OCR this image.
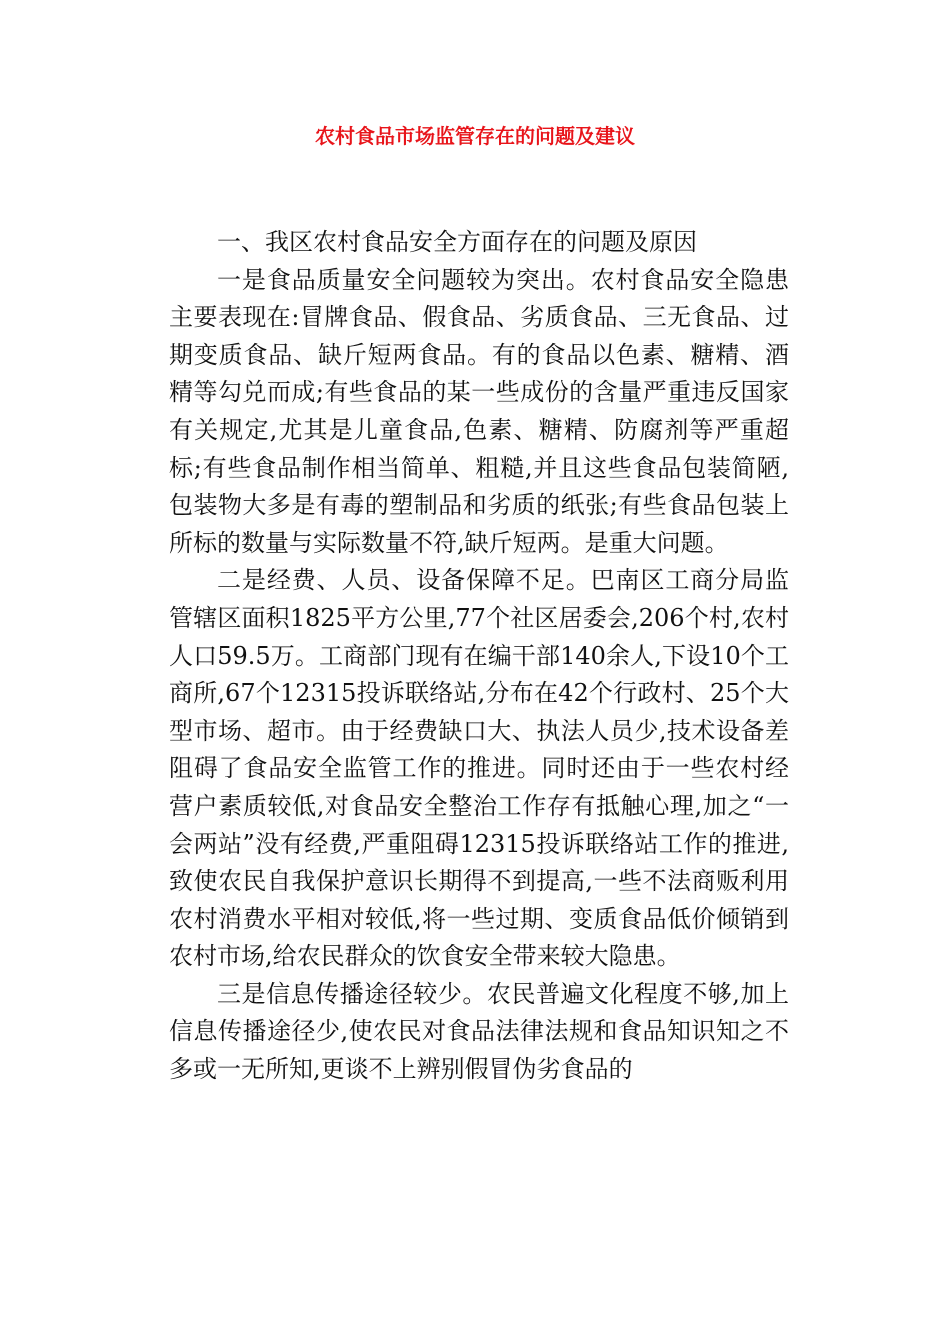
农村食品市场监管存在的问题及建议

一、我区农村食品安全方面存在的问题及原因

一是食品质量安全问题较为突出。农村食品安全隐患主要表现在:冒牌食品、假食品、劣质食品、三无食品、过期变质食品、缺斤短两食品。有的食品以色素、糖精、酒精等勾兑而成;有些食品的某一些成份的含量严重违反国家有关规定,尤其是儿童食品,色素、糖精、防腐剂等严重超标;有些食品制作相当简单、粗糙,并且这些食品包装简陋,包装物大多是有毒的塑制品和劣质的纸张;有些食品包装上所标的数量与实际数量不符,缺斤短两。是重大问题。

二是经费、人员、设备保障不足。巴南区工商分局监管辖区面积1825平方公里,77个社区居委会,206个村,农村人口59.5万。工商部门现有在编干部140余人,下设10个工商所,67个12315投诉联络站,分布在42个行政村、25个大型市场、超市。由于经费缺口大、执法人员少,技术设备差阻碍了食品安全监管工作的推进。同时还由于一些农村经营户素质较低,对食品安全整治工作存有抵触心理,加之“一会两站”没有经费,严重阻碍12315投诉联络站工作的推进,致使农民自我保护意识长期得不到提高,一些不法商贩利用农村消费水平相对较低,将一些过期、变质食品低价倾销到农村市场,给农民群众的饮食安全带来较大隐患。

三是信息传播途径较少。农民普遍文化程度不够,加上信息传播途径少,使农民对食品法律法规和食品知识知之不多或一无所知,更谈不上辨别假冒伪劣食品的
